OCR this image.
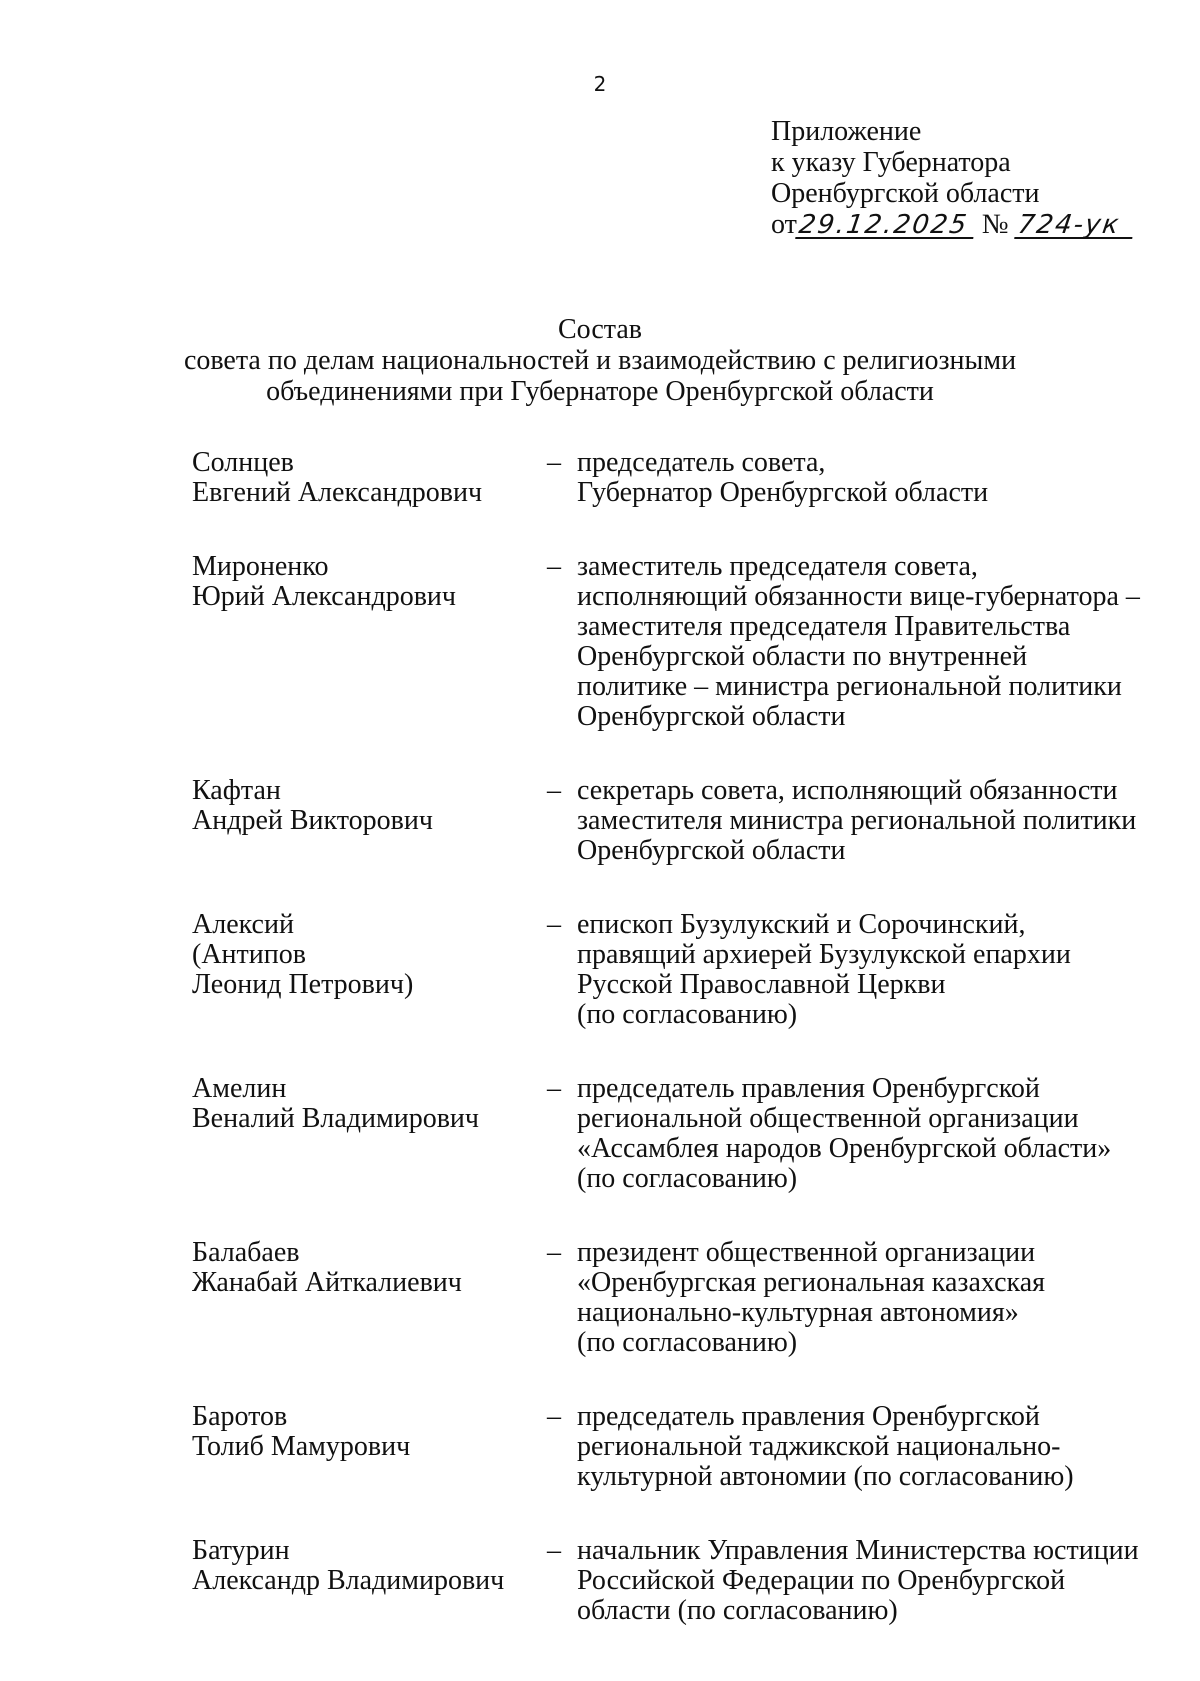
2
Приложение
к указу Губернатора
Оренбургской области
от29.12.2025 № 724-ук
Состав
совета по делам национальностей и взаимодействию с религиозными
объединениями при Губернаторе Оренбургской области
Солнцев
Евгений Александрович
– председатель совета,
Губернатор Оренбургской области
Мироненко
Юрий Александрович
– заместитель председателя совета,
исполняющий обязанности вице-губернатора –
заместителя председателя Правительства
Оренбургской области по внутренней
политике – министра региональной политики
Оренбургской области
Кафтан
Андрей Викторович
– секретарь совета, исполняющий обязанности
заместителя министра региональной политики
Оренбургской области
Алексий
(Антипов
Леонид Петрович)
– епископ Бузулукский и Сорочинский,
правящий архиерей Бузулукской епархии
Русской Православной Церкви
(по согласованию)
Амелин
Веналий Владимирович
– председатель правления Оренбургской
региональной общественной организации
«Ассамблея народов Оренбургской области»
(по согласованию)
Балабаев
Жанабай Айткалиевич
– президент общественной организации
«Оренбургская региональная казахская
национально-культурная автономия»
(по согласованию)
Баротов
Толиб Мамурович
– председатель правления Оренбургской
региональной таджикской национально-
культурной автономии (по согласованию)
Батурин
Александр Владимирович
– начальник Управления Министерства юстиции
Российской Федерации по Оренбургской
области (по согласованию)
